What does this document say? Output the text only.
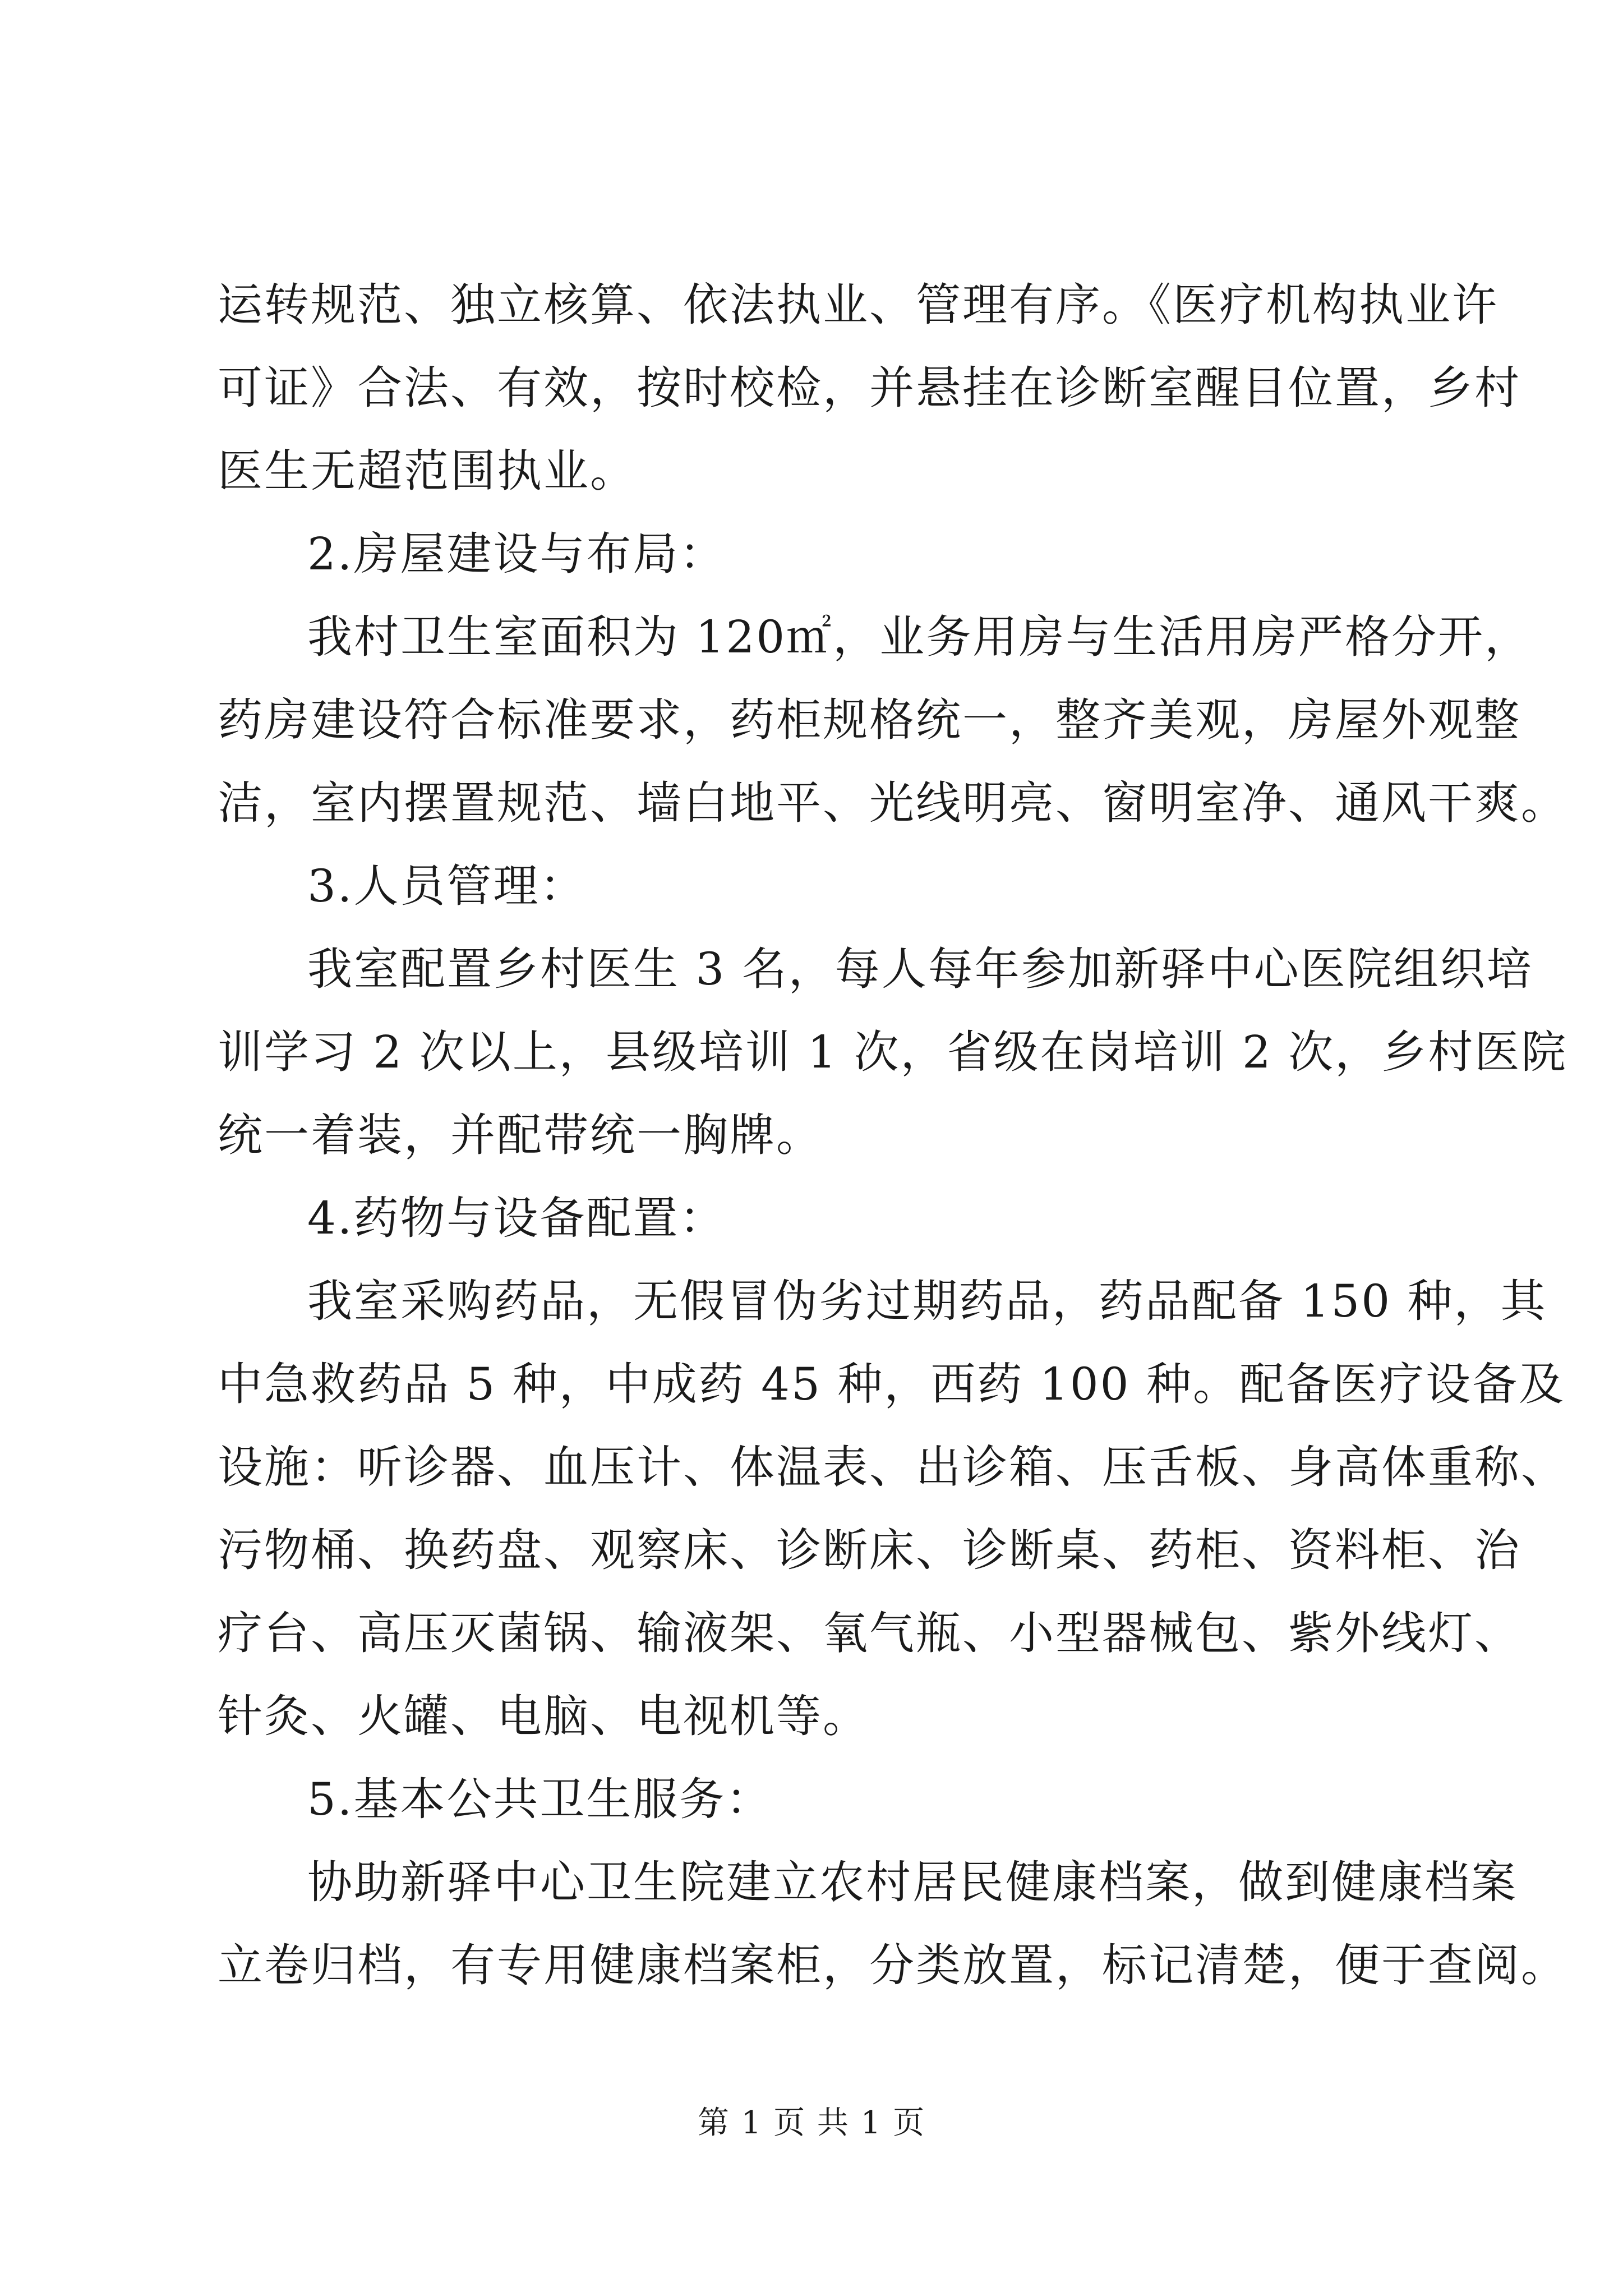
运转规范、独立核算、依法执业、管理有序。《医疗机构执业许
可证》合法、有效，按时校检，并悬挂在诊断室醒目位置，乡村
医生无超范围执业。
2.房屋建设与布局：
我村卫生室面积为 120㎡，业务用房与生活用房严格分开，
药房建设符合标准要求，药柜规格统一，整齐美观，房屋外观整
洁，室内摆置规范、墙白地平、光线明亮、窗明室净、通风干爽。
3.人员管理：
我室配置乡村医生 3 名，每人每年参加新驿中心医院组织培
训学习 2 次以上，县级培训 1 次，省级在岗培训 2 次，乡村医院
统一着装，并配带统一胸牌。
4.药物与设备配置：
我室采购药品，无假冒伪劣过期药品，药品配备 150 种，其
中急救药品 5 种，中成药 45 种，西药 100 种。配备医疗设备及
设施：听诊器、血压计、体温表、出诊箱、压舌板、身高体重称、
污物桶、换药盘、观察床、诊断床、诊断桌、药柜、资料柜、治
疗台、高压灭菌锅、输液架、氧气瓶、小型器械包、紫外线灯、
针灸、火罐、电脑、电视机等。
5.基本公共卫生服务：
协助新驿中心卫生院建立农村居民健康档案，做到健康档案
立卷归档，有专用健康档案柜，分类放置，标记清楚，便于查阅。
第 1 页 共 1 页
